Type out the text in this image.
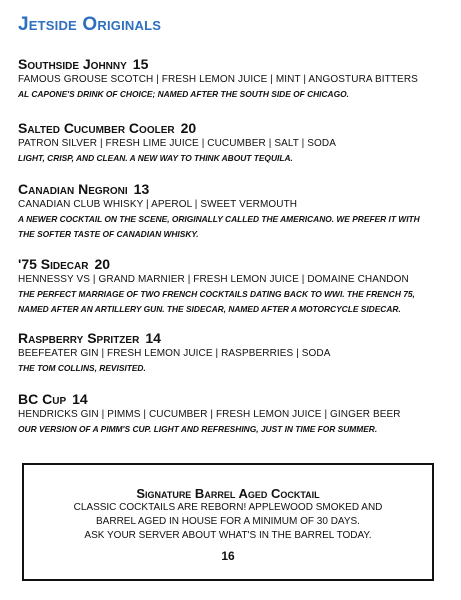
Jetside Originals
Southside Johnny 15
FAMOUS GROUSE SCOTCH | FRESH LEMON JUICE | MINT | ANGOSTURA BITTERS
AL CAPONE'S DRINK OF CHOICE; NAMED AFTER THE SOUTH SIDE OF CHICAGO.
Salted Cucumber Cooler 20
PATRON SILVER | FRESH LIME JUICE | CUCUMBER | SALT | SODA
LIGHT, CRISP, AND CLEAN. A NEW WAY TO THINK ABOUT TEQUILA.
Canadian Negroni 13
CANADIAN CLUB WHISKY | APEROL | SWEET VERMOUTH
A NEWER COCKTAIL ON THE SCENE, ORIGINALLY CALLED THE AMERICANO. WE PREFER IT WITH
THE SOFTER TASTE OF CANADIAN WHISKY.
'75 Sidecar 20
HENNESSY VS | GRAND MARNIER | FRESH LEMON JUICE | DOMAINE CHANDON
THE PERFECT MARRIAGE OF TWO FRENCH COCKTAILS DATING BACK TO WWI. THE FRENCH 75,
NAMED AFTER AN ARTILLERY GUN. THE SIDECAR, NAMED AFTER A MOTORCYCLE SIDECAR.
Raspberry Spritzer 14
BEEFEATER GIN | FRESH LEMON JUICE | RASPBERRIES | SODA
THE TOM COLLINS, REVISITED.
BC Cup 14
HENDRICKS GIN | PIMMS | CUCUMBER | FRESH LEMON JUICE | GINGER BEER
OUR VERSION OF A PIMM'S CUP. LIGHT AND REFRESHING, JUST IN TIME FOR SUMMER.
Signature Barrel Aged Cocktail
CLASSIC COCKTAILS ARE REBORN! APPLEWOOD SMOKED AND
BARREL AGED IN HOUSE FOR A MINIMUM OF 30 DAYS.
ASK YOUR SERVER ABOUT WHAT'S IN THE BARREL TODAY.
16
